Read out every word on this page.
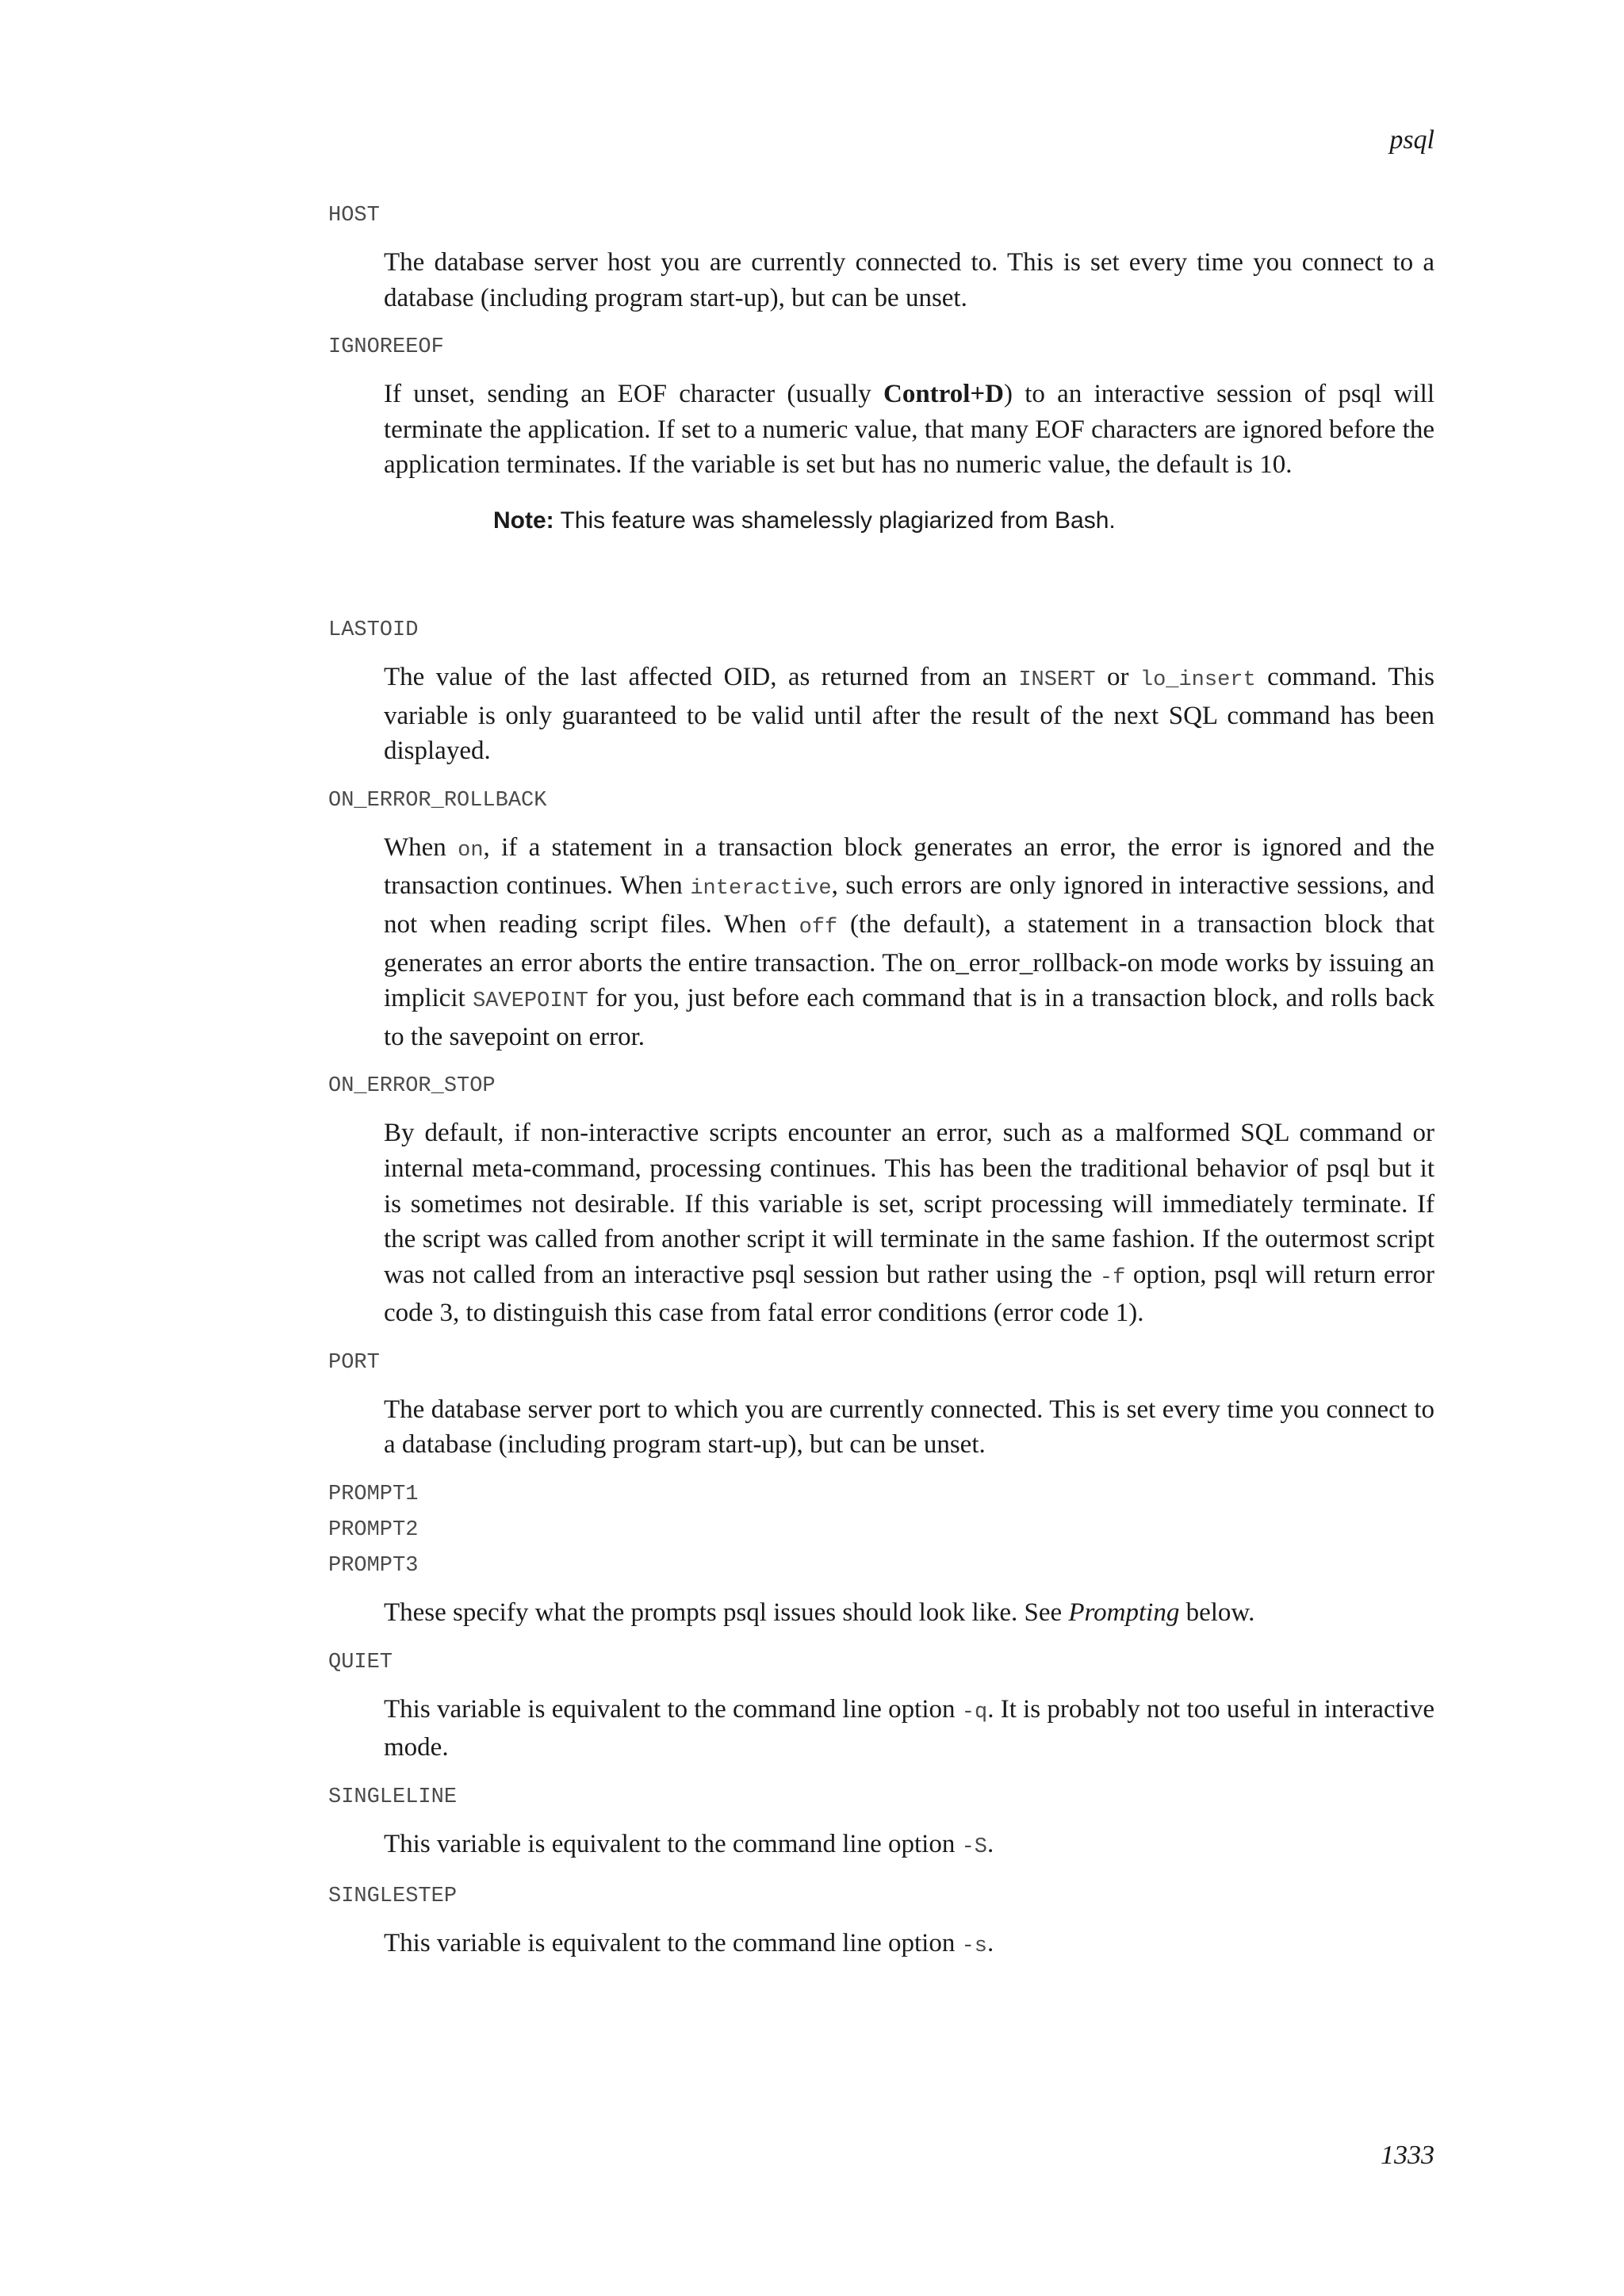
psql

HOST

The database server host you are currently connected to. This is set every time you connect to a database (including program start-up), but can be unset.

IGNOREEOF

If unset, sending an EOF character (usually Control+D) to an interactive session of psql will terminate the application. If set to a numeric value, that many EOF characters are ignored before the application terminates. If the variable is set but has no numeric value, the default is 10.
Note: This feature was shamelessly plagiarized from Bash.

LASTOID

The value of the last affected OID, as returned from an INSERT or lo_insert command. This variable is only guaranteed to be valid until after the result of the next SQL command has been displayed.

ON_ERROR_ROLLBACK

When on, if a statement in a transaction block generates an error, the error is ignored and the transaction continues. When interactive, such errors are only ignored in interactive sessions, and not when reading script files. When off (the default), a statement in a transaction block that generates an error aborts the entire transaction. The on_error_rollback-on mode works by issuing an implicit SAVEPOINT for you, just before each command that is in a transaction block, and rolls back to the savepoint on error.

ON_ERROR_STOP

By default, if non-interactive scripts encounter an error, such as a malformed SQL command or internal meta-command, processing continues. This has been the traditional behavior of psql but it is sometimes not desirable. If this variable is set, script processing will immediately terminate. If the script was called from another script it will terminate in the same fashion. If the outermost script was not called from an interactive psql session but rather using the -f option, psql will return error code 3, to distinguish this case from fatal error conditions (error code 1).

PORT

The database server port to which you are currently connected. This is set every time you connect to a database (including program start-up), but can be unset.

PROMPT1

PROMPT2

PROMPT3

These specify what the prompts psql issues should look like. See Prompting below.

QUIET

This variable is equivalent to the command line option -q. It is probably not too useful in interactive mode.

SINGLELINE

This variable is equivalent to the command line option -S.

SINGLESTEP

This variable is equivalent to the command line option -s.
1333
